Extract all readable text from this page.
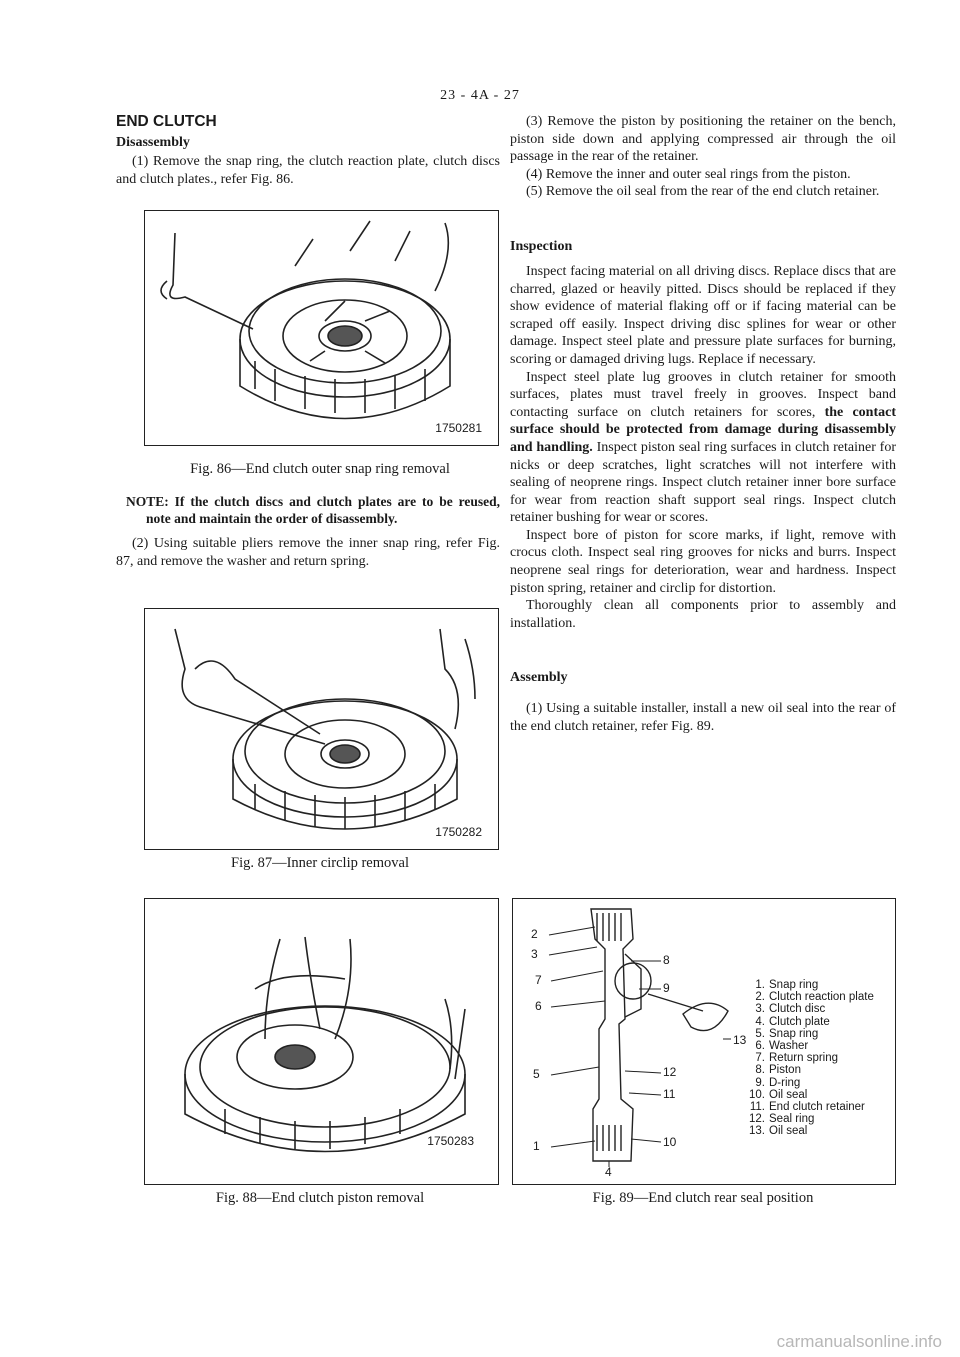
23 - 4A - 27
END CLUTCH
Disassembly

(1) Remove the snap ring, the clutch reaction plate, clutch discs and clutch plates., refer Fig. 86.

1750281
Fig. 86—End clutch outer snap ring removal

NOTE: If the clutch discs and clutch plates are to be reused, note and maintain the order of disassembly.

(2) Using suitable pliers remove the inner snap ring, refer Fig. 87, and remove the washer and return spring.

1750282
Fig. 87—Inner circlip removal
1750283
Fig. 88—End clutch piston removal

(3) Remove the piston by positioning the retainer on the bench, piston side down and applying compressed air through the oil passage in the rear of the retainer.

(4) Remove the inner and outer seal rings from the piston.

(5) Remove the oil seal from the rear of the end clutch retainer.

Inspection

Inspect facing material on all driving discs. Replace discs that are charred, glazed or heavily pitted. Discs should be replaced if they show evidence of material flaking off or if facing material can be scraped off easily. Inspect driving disc splines for wear or other damage. Inspect steel plate and pressure plate surfaces for burning, scoring or damaged driving lugs. Replace if necessary.

Inspect steel plate lug grooves in clutch retainer for smooth surfaces, plates must travel freely in grooves. Inspect band contacting surface on clutch retainers for scores, the contact surface should be protected from damage during disassembly and handling. Inspect piston seal ring surfaces in clutch retainer for nicks or deep scratches, light scratches will not interfere with sealing of neoprene rings. Inspect clutch retainer inner bore surface for wear from reaction shaft support seal rings. Inspect clutch retainer bushing for wear or scores.

Inspect bore of piston for score marks, if light, remove with crocus cloth. Inspect seal ring grooves for nicks and burrs. Inspect neoprene seal rings for deterioration, wear and hardness. Inspect piston spring, retainer and circlip for distortion.

Thoroughly clean all components prior to assembly and installation.

Assembly

(1) Using a suitable installer, install a new oil seal into the rear of the end clutch retainer, refer Fig. 89.

2
3
7
6
5
1
8
9
13
12
11
10
4
1. Snap ring
2. Clutch reaction plate
3. Clutch disc
4. Clutch plate
5. Snap ring
6. Washer
7. Return spring
8. Piston
9. D-ring
10. Oil seal
11. End clutch retainer
12. Seal ring
13. Oil seal
Fig. 89—End clutch rear seal position
carmanualsonline.info
